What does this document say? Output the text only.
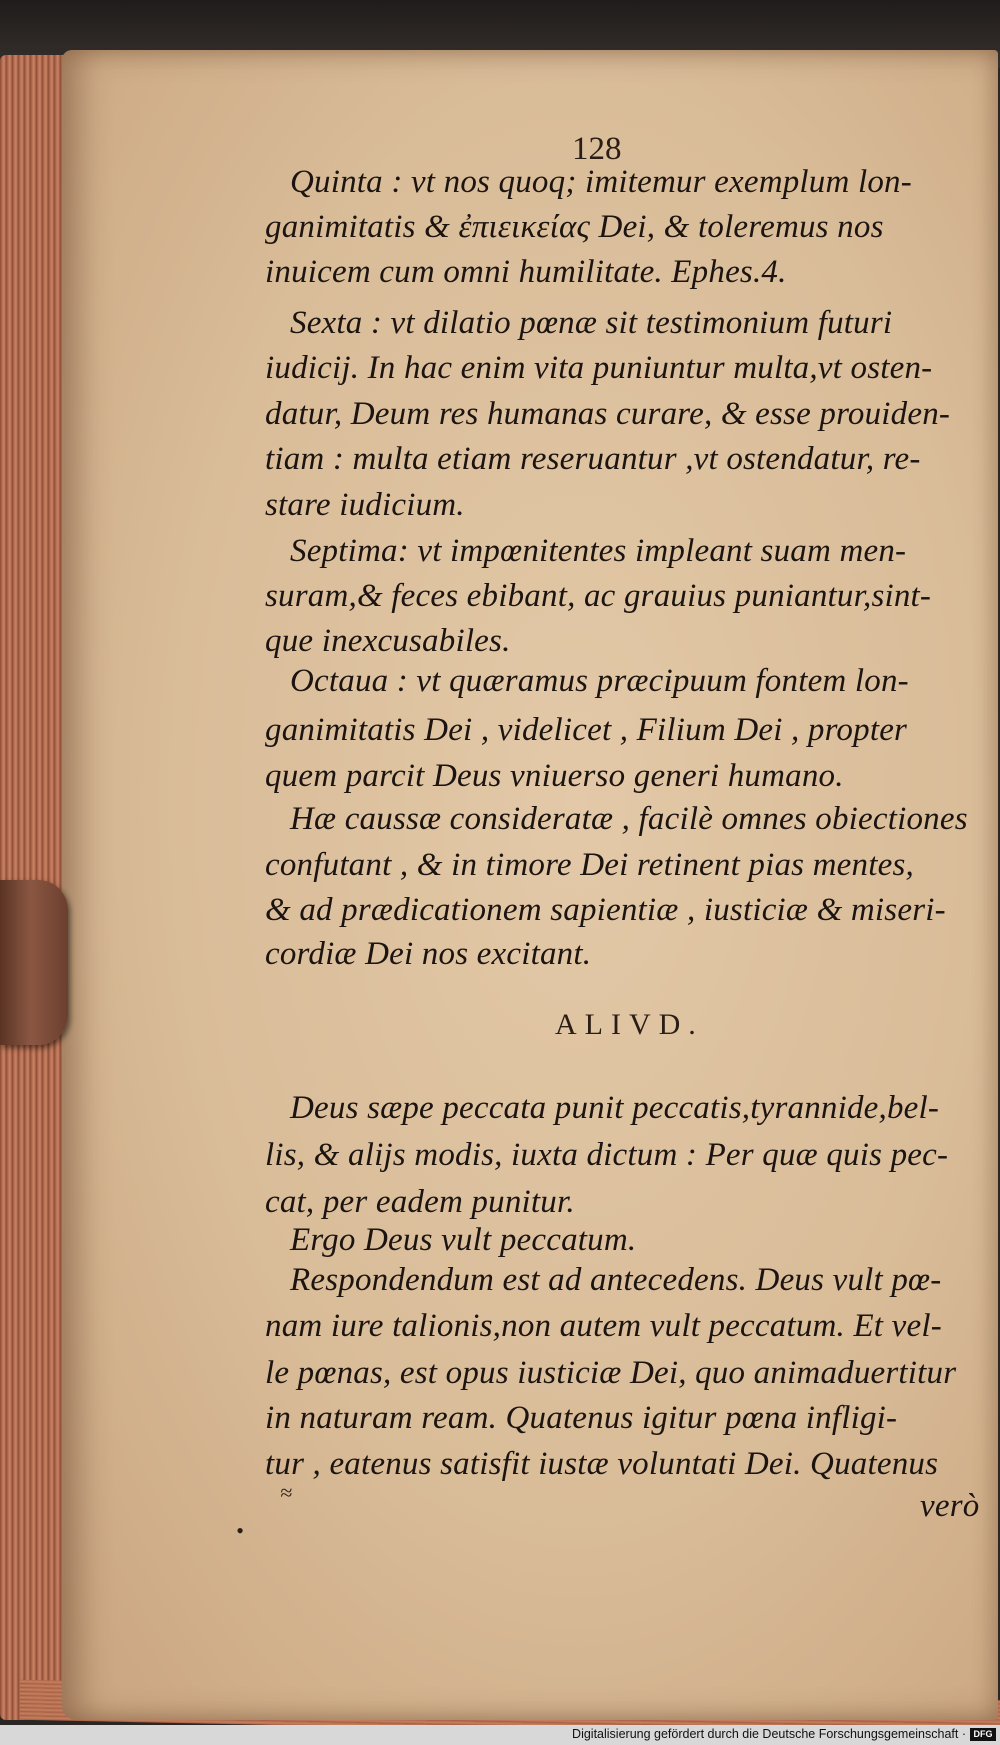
128
Quinta : vt nos quoq; imitemur exemplum lon-
ganimitatis & ἐπιεικείας Dei, & toleremus nos
inuicem cum omni humilitate. Ephes.4.
Sexta : vt dilatio pœnæ sit testimonium futuri
iudicij. In hac enim vita puniuntur multa,vt osten-
datur, Deum res humanas curare, & esse prouiden-
tiam : multa etiam reseruantur ,vt ostendatur, re-
stare iudicium.
Septima: vt impœnitentes impleant suam men-
suram,& feces ebibant, ac grauius puniantur,sint-
que inexcusabiles.
Octaua : vt quæramus præcipuum fontem lon-
ganimitatis Dei , videlicet , Filium Dei , propter
quem parcit Deus vniuerso generi humano.
Hæ caussæ consideratæ , facilè omnes obiectiones
confutant , & in timore Dei retinent pias mentes,
& ad prædicationem sapientiæ , iusticiæ & miseri-
cordiæ Dei nos excitant.
ALIVD.
Deus sæpe peccata punit peccatis,tyrannide,bel-
lis, & alijs modis, iuxta dictum : Per quæ quis pec-
cat, per eadem punitur.
Ergo Deus vult peccatum.
Respondendum est ad antecedens. Deus vult pœ-
nam iure talionis,non autem vult peccatum. Et vel-
le pœnas, est opus iusticiæ Dei, quo animaduertitur
in naturam ream. Quatenus igitur pœna infligi-
tur , eatenus satisfit iustæ voluntati Dei. Quatenus
verò
≈
•
Digitalisierung gefördert durch die Deutsche Forschungsgemeinschaft · DFG
